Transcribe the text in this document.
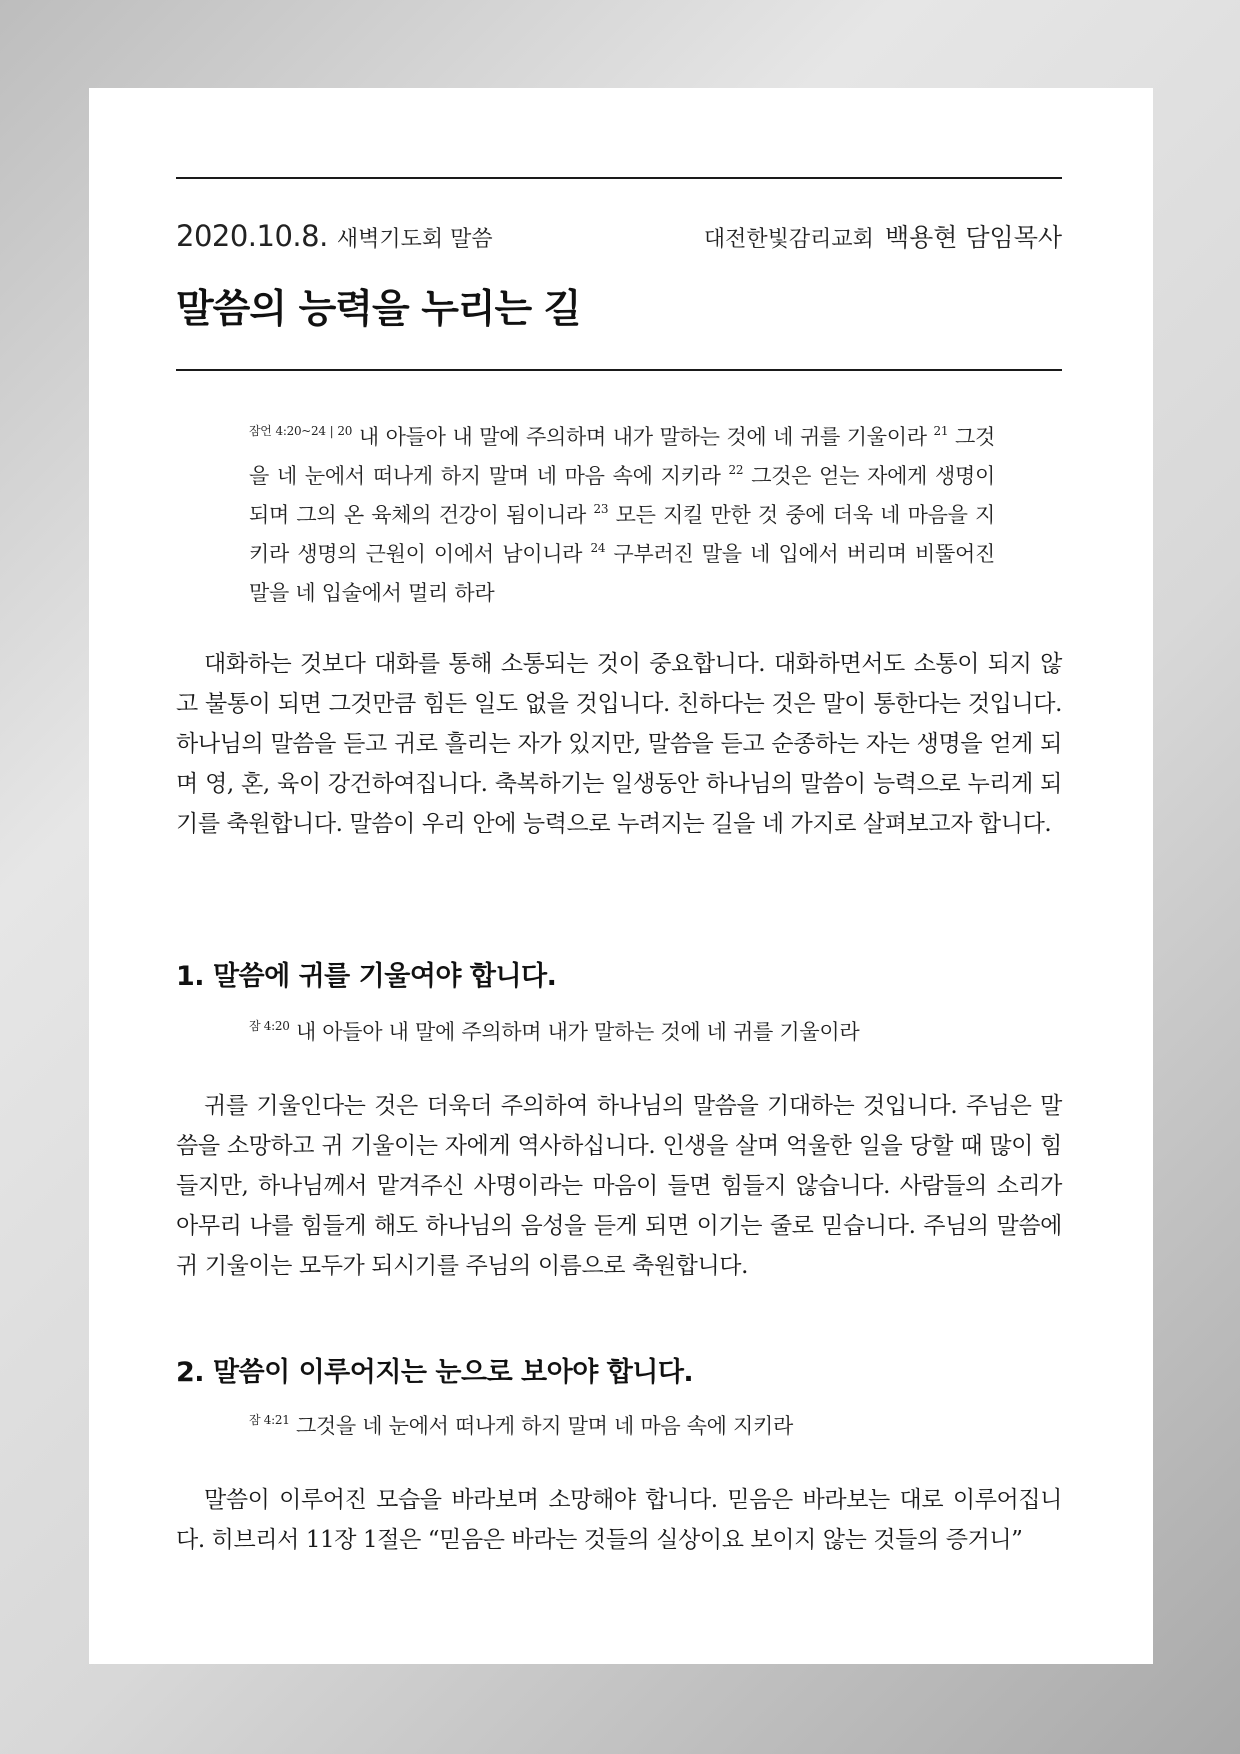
2020.10.8. 새벽기도회 말씀	대전한빛감리교회 백용현 담임목사
말씀의 능력을 누리는 길
$^{잠언 4:20\sim 24 | 20}$ 내 아들아 내 말에 주의하며 내가 말하는 것에 네 귀를 기울이라 $^{21}$ 그것을 네 눈에서 떠나게 하지 말며 네 마음 속에 지키라 $^{22}$ 그것은 얻는 자에게 생명이 되며 그의 온 육체의 건강이 됨이니라 $^{23}$ 모든 지킬 만한 것 중에 더욱 네 마음을 지키라 생명의 근원이 이에서 남이니라 $^{24}$ 구부러진 말을 네 입에서 버리며 비뚤어진 말을 네 입술에서 멀리 하라

대화하는 것보다 대화를 통해 소통되는 것이 중요합니다. 대화하면서도 소통이 되지 않고 불통이 되면 그것만큼 힘든 일도 없을 것입니다. 친하다는 것은 말이 통한다는 것입니다. 하나님의 말씀을 듣고 귀로 흘리는 자가 있지만, 말씀을 듣고 순종하는 자는 생명을 얻게 되며 영, 혼, 육이 강건하여집니다. 축복하기는 일생동안 하나님의 말씀이 능력으로 누리게 되기를 축원합니다. 말씀이 우리 안에 능력으로 누려지는 길을 네 가지로 살펴보고자 합니다.

1. 말씀에 귀를 기울여야 합니다.

$^{잠 4:20}$ 내 아들아 내 말에 주의하며 내가 말하는 것에 네 귀를 기울이라

귀를 기울인다는 것은 더욱더 주의하여 하나님의 말씀을 기대하는 것입니다. 주님은 말씀을 소망하고 귀 기울이는 자에게 역사하십니다. 인생을 살며 억울한 일을 당할 때 많이 힘들지만, 하나님께서 맡겨주신 사명이라는 마음이 들면 힘들지 않습니다. 사람들의 소리가 아무리 나를 힘들게 해도 하나님의 음성을 듣게 되면 이기는 줄로 믿습니다. 주님의 말씀에 귀 기울이는 모두가 되시기를 주님의 이름으로 축원합니다.

2. 말씀이 이루어지는 눈으로 보아야 합니다.

$^{잠 4:21}$ 그것을 네 눈에서 떠나게 하지 말며 네 마음 속에 지키라

말씀이 이루어진 모습을 바라보며 소망해야 합니다. 믿음은 바라보는 대로 이루어집니다. 히브리서 11장 1절은 “믿음은 바라는 것들의 실상이요 보이지 않는 것들의 증거니”
